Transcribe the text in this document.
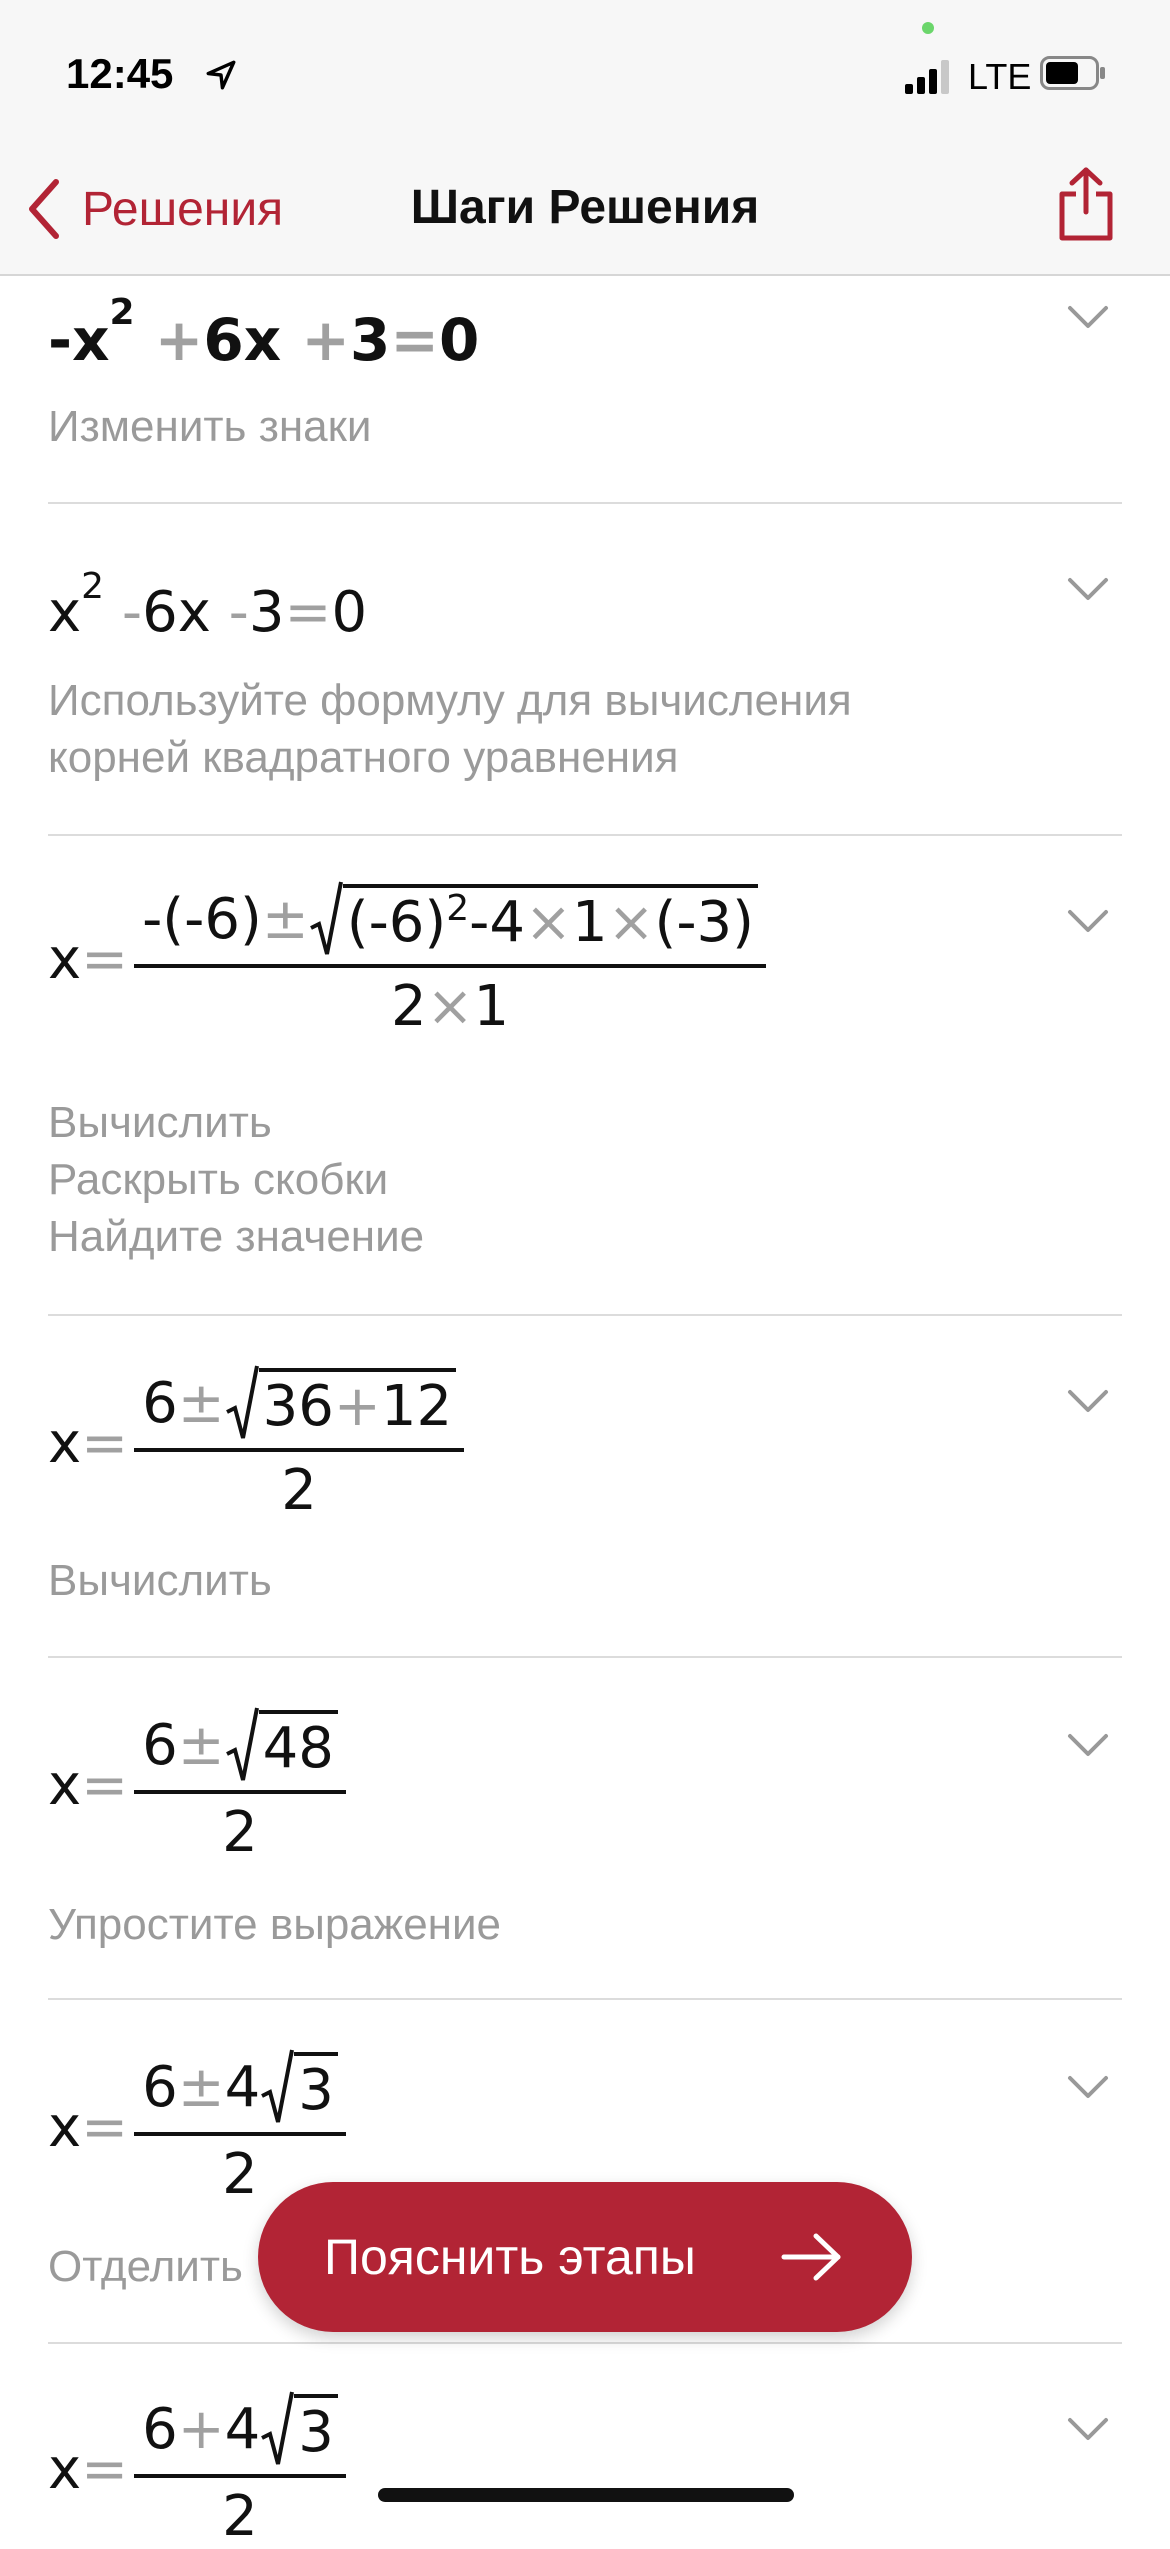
12:45	LTE
Шаги Решения
Решения
$-x^2 +6x +3=0$
Изменить знаки
$x^2$ -6x -3=0
Используйте формулу для вычисления
корней квадратного уравнения
x =
$-(-6) \pm (-6)^2-4\times 1\times(-3)$
2×1
Вычислить
Раскрыть скобки
Найдите значение
$x = \frac{6 \pm 36+12}{2}$
Вычислить
$x = \frac{6 \pm 48}{2}$
Упростите выражение
$x = \frac{6 \pm 4 3}{2}$
Отделить
$x = \frac{6 + 4 3}{2}$
Пояснить этапы
